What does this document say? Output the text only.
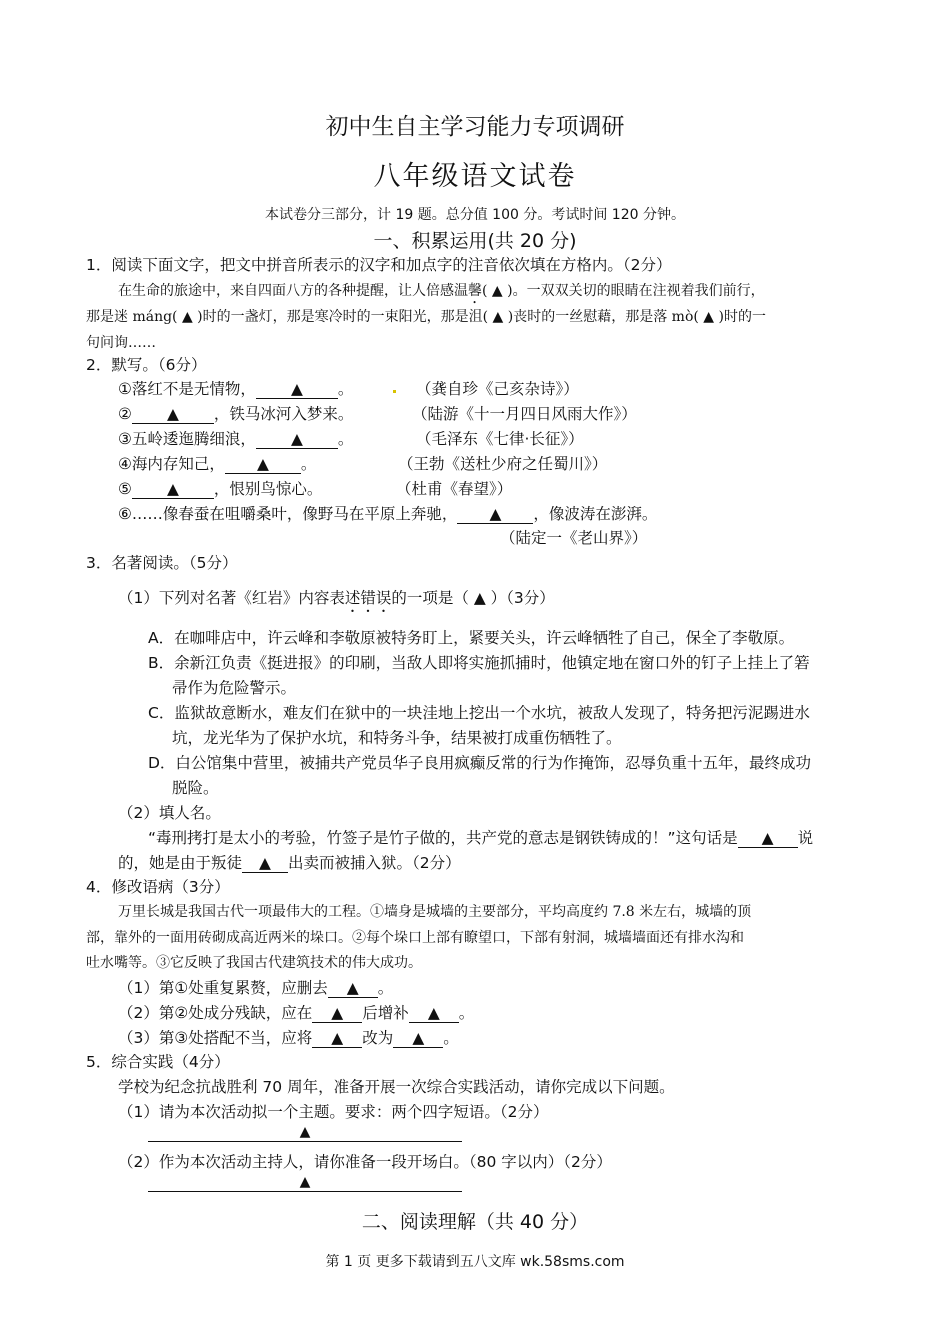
初中生自主学习能力专项调研
八年级语文试卷
本试卷分三部分，计 19 题。总分值 100 分。考试时间 120 分钟。
一、积累运用(共 20 分)
1．阅读下面文字，把文中拼音所表示的汉字和加点字的注音依次填在方格内。（2分）
在生命的旅途中，来自四面八方的各种提醒，让人倍感温馨( ▲ )。一双双关切的眼睛在注视着我们前行，
那是迷 máng( ▲ )时的一盏灯，那是寒冷时的一束阳光，那是沮( ▲ )丧时的一丝慰藉，那是落 mò( ▲ )时的一
句问询……
2．默写。（6分）
①落红不是无情物， ▲ 。	（龚自珍《己亥杂诗》）
② ▲ ，铁马冰河入梦来。	（陆游《十一月四日风雨大作》）
③五岭逶迤腾细浪， ▲ 。	（毛泽东《七律·长征》）
④海内存知己， ▲ 。	（王勃《送杜少府之任蜀川》）
⑤ ▲ ，恨别鸟惊心。	（杜甫《春望》）
⑥……像春蚕在咀嚼桑叶，像野马在平原上奔驰， ▲ ，像波涛在澎湃。
（陆定一《老山界》）
3．名著阅读。（5分）
（1）下列对名著《红岩》内容表述错误的一项是（ ▲ ）（3分）
A．在咖啡店中，许云峰和李敬原被特务盯上，紧要关头，许云峰牺牲了自己，保全了李敬原。
B．余新江负责《挺进报》的印刷，当敌人即将实施抓捕时，他镇定地在窗口外的钉子上挂上了箬
帚作为危险警示。
C．监狱故意断水，难友们在狱中的一块洼地上挖出一个水坑，被敌人发现了，特务把污泥踢进水
坑，龙光华为了保护水坑，和特务斗争，结果被打成重伤牺牲了。
D．白公馆集中营里，被捕共产党员华子良用疯癫反常的行为作掩饰，忍辱负重十五年，最终成功
脱险。
（2）填人名。
“毒刑拷打是太小的考验，竹签子是竹子做的，共产党的意志是钢铁铸成的！”这句话是 ▲ 说
的，她是由于叛徒 ▲ 出卖而被捕入狱。（2分）
4．修改语病（3分）
万里长城是我国古代一项最伟大的工程。①墙身是城墙的主要部分，平均高度约 7.8 米左右，城墙的顶
部，靠外的一面用砖砌成高近两米的垛口。②每个垛口上部有瞭望口，下部有射洞，城墙墙面还有排水沟和
吐水嘴等。③它反映了我国古代建筑技术的伟大成功。
（1）第①处重复累赘，应删去 ▲ 。
（2）第②处成分残缺，应在 ▲ 后增补 ▲ 。
（3）第③处搭配不当，应将 ▲ 改为 ▲ 。
5．综合实践（4分）
学校为纪念抗战胜利 70 周年，准备开展一次综合实践活动，请你完成以下问题。
（1）请为本次活动拟一个主题。要求：两个四字短语。（2分）
▲
（2）作为本次活动主持人，请你准备一段开场白。（80 字以内）（2分）
▲
二、阅读理解（共 40 分）
第 1 页 更多下载请到五八文库 wk.58sms.com
